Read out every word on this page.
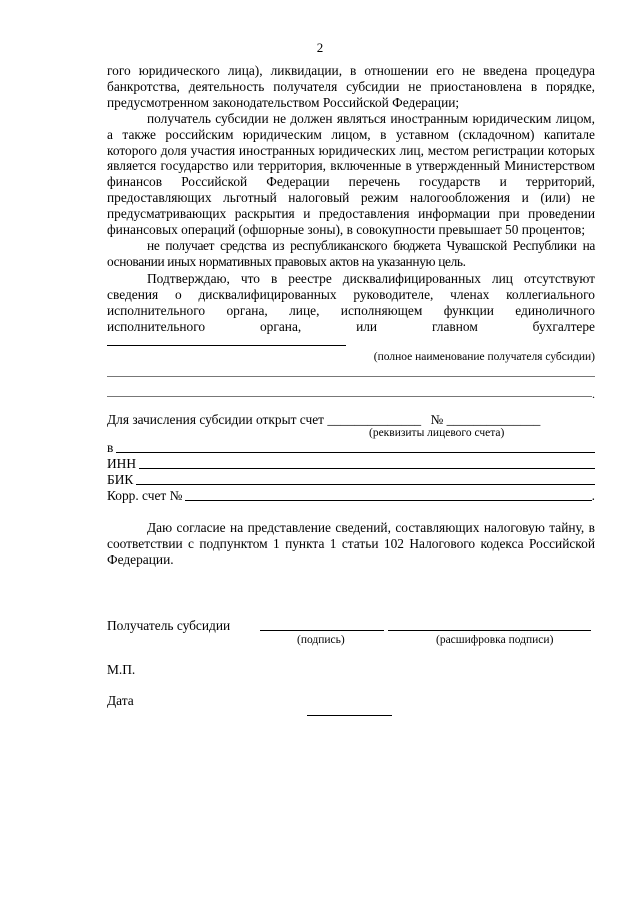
2

гого юридического лица), ликвидации, в отношении его не введена процедура банкротства, деятельность получателя субсидии не приостановлена в порядке, предусмотренном законодательством Российской Федерации;

получатель субсидии не должен являться иностранным юридическим лицом, а также российским юридическим лицом, в уставном (складочном) капитале которого доля участия иностранных юридических лиц, местом регистрации которых является государство или территория, включенные в утвержденный Министерством финансов Российской Федерации перечень государств и территорий, предоставляющих льготный налоговый режим налогообложения и (или) не предусматривающих раскрытия и предоставления информации при проведении финансовых операций (офшорные зоны), в совокупности превышает 50 процентов;

не получает средства из республиканского бюджета Чувашской Республики на основании иных нормативных правовых актов на указанную цель.

Подтверждаю, что в реестре дисквалифицированных лиц отсутствуют сведения о дисквалифицированных руководителе, членах коллегиального исполнительного органа, лице, исполняющем функции единоличного исполнительного органа, или главном бухгалтере

(полное наименование получателя субсидии)
.
Для зачисления субсидии открыт счет ______________ № ______________
(реквизиты лицевого счета)
в
ИНН
БИК
Корр. счет №	.

Даю согласие на представление сведений, составляющих налоговую тайну, в соответствии с подпунктом 1 пункта 1 статьи 102 Налогового кодекса Российской Федерации.

Получатель субсидии
(подпись)	(расшифровка подписи)
М.П.
Дата
